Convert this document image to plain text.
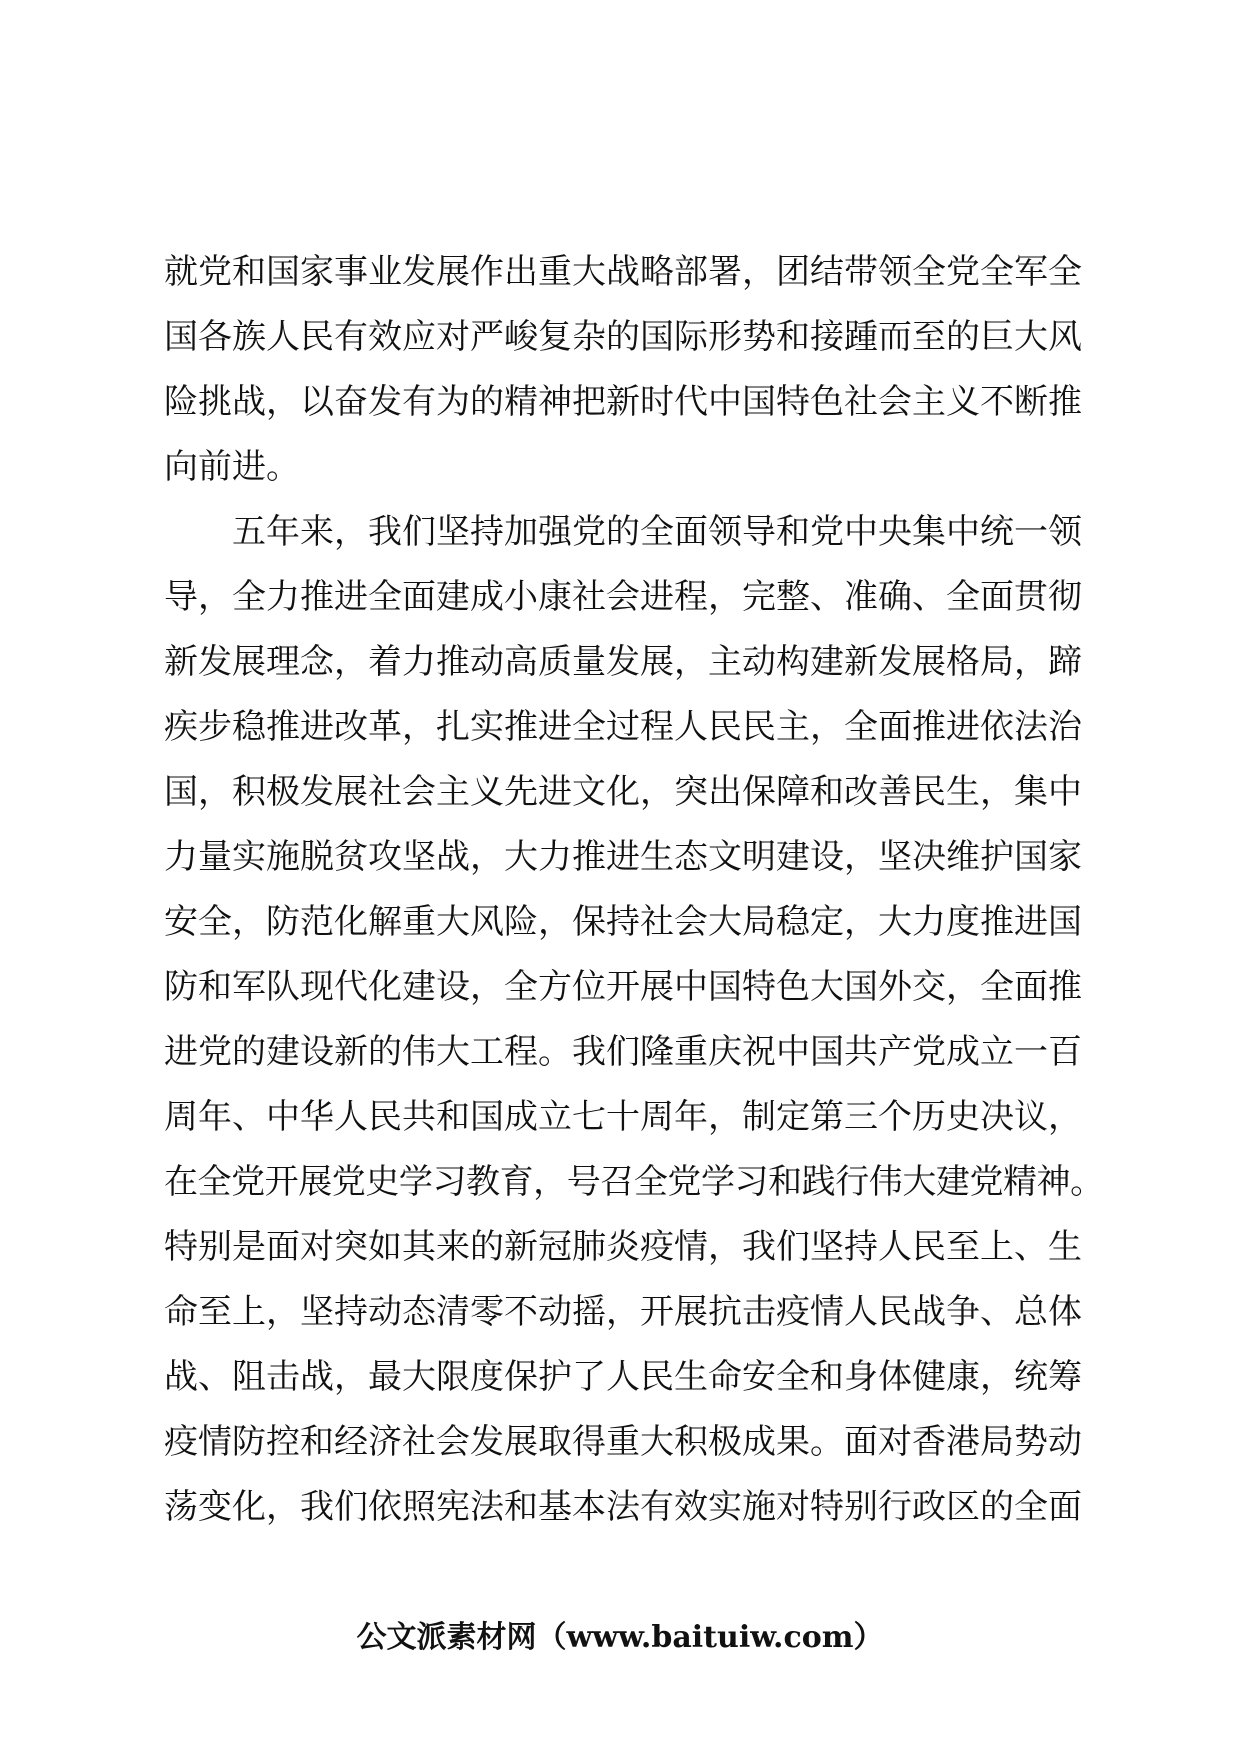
就党和国家事业发展作出重大战略部署，团结带领全党全军全
国各族人民有效应对严峻复杂的国际形势和接踵而至的巨大风
险挑战，以奋发有为的精神把新时代中国特色社会主义不断推
向前进。
五年来，我们坚持加强党的全面领导和党中央集中统一领
导，全力推进全面建成小康社会进程，完整、准确、全面贯彻
新发展理念，着力推动高质量发展，主动构建新发展格局，蹄
疾步稳推进改革，扎实推进全过程人民民主，全面推进依法治
国，积极发展社会主义先进文化，突出保障和改善民生，集中
力量实施脱贫攻坚战，大力推进生态文明建设，坚决维护国家
安全，防范化解重大风险，保持社会大局稳定，大力度推进国
防和军队现代化建设，全方位开展中国特色大国外交，全面推
进党的建设新的伟大工程。我们隆重庆祝中国共产党成立一百
周年、中华人民共和国成立七十周年，制定第三个历史决议，
在全党开展党史学习教育，号召全党学习和践行伟大建党精神。
特别是面对突如其来的新冠肺炎疫情，我们坚持人民至上、生
命至上，坚持动态清零不动摇，开展抗击疫情人民战争、总体
战、阻击战，最大限度保护了人民生命安全和身体健康，统筹
疫情防控和经济社会发展取得重大积极成果。面对香港局势动
荡变化，我们依照宪法和基本法有效实施对特别行政区的全面
公文派素材网（www.baituiw.com）
